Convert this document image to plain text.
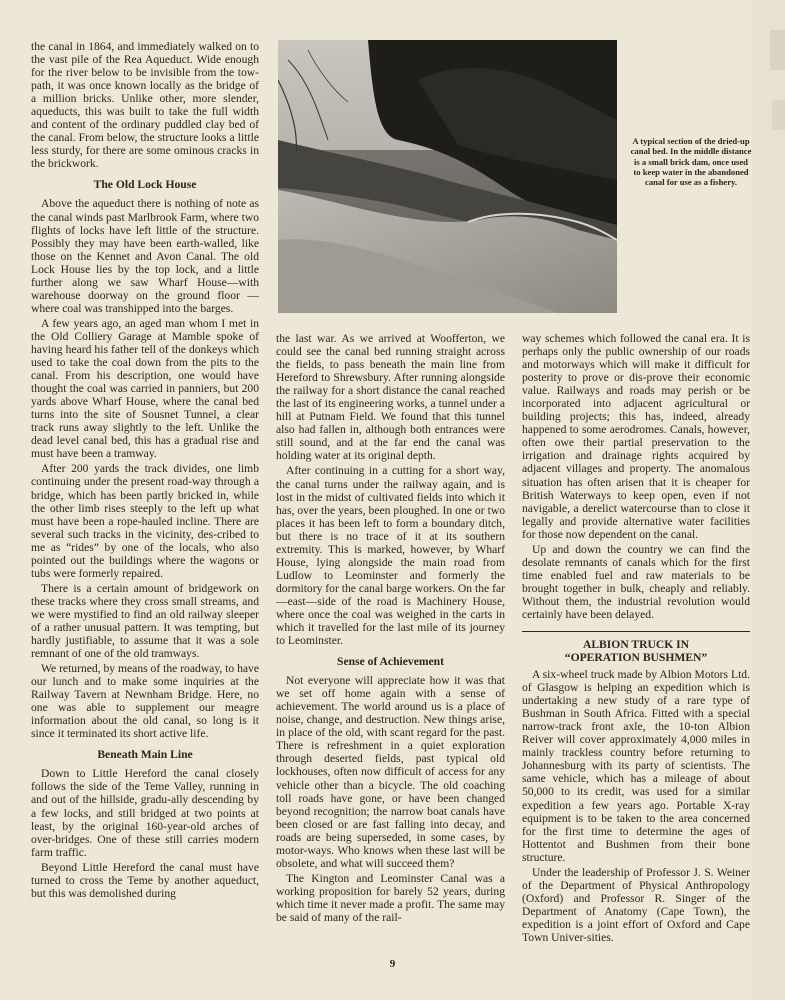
the canal in 1864, and immediately walked on to the vast pile of the Rea Aqueduct. Wide enough for the river below to be invisible from the tow-path, it was once known locally as the bridge of a million bricks. Unlike other, more slender, aqueducts, this was built to take the full width and content of the ordinary puddled clay bed of the canal. From below, the structure looks a little less sturdy, for there are some ominous cracks in the brickwork.

The Old Lock House

Above the aqueduct there is nothing of note as the canal winds past Marlbrook Farm, where two flights of locks have left little of the structure. Possibly they may have been earth-walled, like those on the Kennet and Avon Canal. The old Lock House lies by the top lock, and a little further along we saw Wharf House—with warehouse doorway on the ground floor —where coal was transhipped into the barges.

A few years ago, an aged man whom I met in the Old Colliery Garage at Mamble spoke of having heard his father tell of the donkeys which used to take the coal down from the pits to the canal. From his description, one would have thought the coal was carried in panniers, but 200 yards above Wharf House, where the canal bed turns into the site of Sousnet Tunnel, a clear track runs away slightly to the left. Unlike the dead level canal bed, this has a gradual rise and must have been a tramway.

After 200 yards the track divides, one limb continuing under the present road-way through a bridge, which has been partly bricked in, while the other limb rises steeply to the left up what must have been a rope-hauled incline. There are several such tracks in the vicinity, des-cribed to me as “rides” by one of the locals, who also pointed out the buildings where the wagons or tubs were formerly repaired.

There is a certain amount of bridgework on these tracks where they cross small streams, and we were mystified to find an old railway sleeper of a rather unusual pattern. It was tempting, but hardly justifiable, to assume that it was a sole remnant of one of the old tramways.

We returned, by means of the roadway, to have our lunch and to make some inquiries at the Railway Tavern at Newnham Bridge. Here, no one was able to supplement our meagre information about the old canal, so long is it since it terminated its short active life.

Beneath Main Line

Down to Little Hereford the canal closely follows the side of the Teme Valley, running in and out of the hillside, gradu-ally descending by a few locks, and still bridged at two points at least, by the original 160-year-old arches of over-bridges. One of these still carries modern farm traffic.

Beyond Little Hereford the canal must have turned to cross the Teme by another aqueduct, but this was demolished during

A typical section of the dried-up canal bed. In the middle distance is a small brick dam, once used to keep water in the abandoned canal for use as a fishery.

the last war. As we arrived at Woofferton, we could see the canal bed running straight across the fields, to pass beneath the main line from Hereford to Shrewsbury. After running alongside the railway for a short distance the canal reached the last of its engineering works, a tunnel under a hill at Putnam Field. We found that this tunnel also had fallen in, although both entrances were still sound, and at the far end the canal was holding water at its original depth.

After continuing in a cutting for a short way, the canal turns under the railway again, and is lost in the midst of cultivated fields into which it has, over the years, been ploughed. In one or two places it has been left to form a boundary ditch, but there is no trace of it at its southern extremity. This is marked, however, by Wharf House, lying alongside the main road from Ludlow to Leominster and formerly the dormitory for the canal barge workers. On the far—east—side of the road is Machinery House, where once the coal was weighed in the carts in which it travelled for the last mile of its journey to Leominster.

Sense of Achievement

Not everyone will appreciate how it was that we set off home again with a sense of achievement. The world around us is a place of noise, change, and destruction. New things arise, in place of the old, with scant regard for the past. There is refreshment in a quiet exploration through deserted fields, past typical old lockhouses, often now difficult of access for any vehicle other than a bicycle. The old coaching toll roads have gone, or have been changed beyond recognition; the narrow boat canals have been closed or are fast falling into decay, and roads are being superseded, in some cases, by motor-ways. Who knows when these last will be obsolete, and what will succeed them?

The Kington and Leominster Canal was a working proposition for barely 52 years, during which time it never made a profit. The same may be said of many of the rail-

way schemes which followed the canal era. It is perhaps only the public ownership of our roads and motorways which will make it difficult for posterity to prove or dis-prove their economic value. Railways and roads may perish or be incorporated into adjacent agricultural or building projects; this has, indeed, already happened to some aerodromes. Canals, however, often owe their partial preservation to the irrigation and drainage rights acquired by adjacent villages and property. The anomalous situation has often arisen that it is cheaper for British Waterways to keep open, even if not navigable, a derelict watercourse than to close it legally and provide alternative water facilities for those now dependent on the canal.

Up and down the country we can find the desolate remnants of canals which for the first time enabled fuel and raw materials to be brought together in bulk, cheaply and reliably. Without them, the industrial revolution would certainly have been delayed.

ALBION TRUCK IN
“OPERATION BUSHMEN”

A six-wheel truck made by Albion Motors Ltd. of Glasgow is helping an expedition which is undertaking a new study of a rare type of Bushman in South Africa. Fitted with a special narrow-track front axle, the 10-ton Albion Reiver will cover approximately 4,000 miles in mainly trackless country before returning to Johannesburg with its party of scientists. The same vehicle, which has a mileage of about 50,000 to its credit, was used for a similar expedition a few years ago. Portable X-ray equipment is to be taken to the area concerned for the first time to determine the ages of Hottentot and Bushmen from their bone structure.

Under the leadership of Professor J. S. Weiner of the Department of Physical Anthropology (Oxford) and Professor R. Singer of the Department of Anatomy (Cape Town), the expedition is a joint effort of Oxford and Cape Town Univer-sities.

9
